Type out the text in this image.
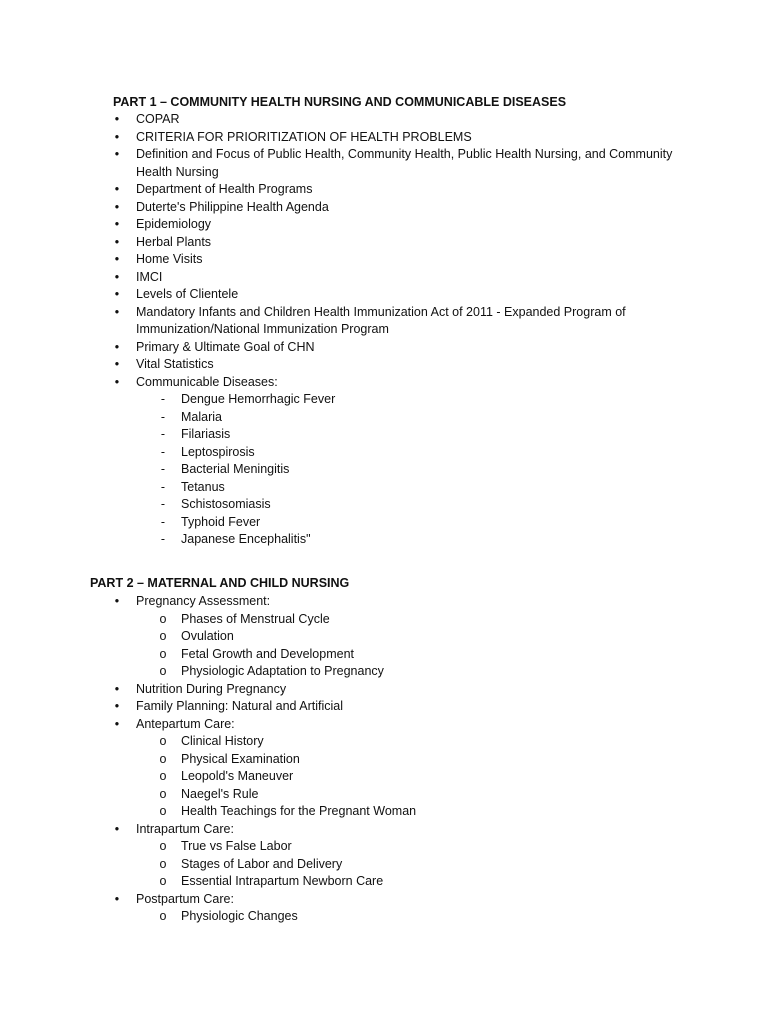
PART 1 – COMMUNITY HEALTH NURSING AND COMMUNICABLE DISEASES
• COPAR
• CRITERIA FOR PRIORITIZATION OF HEALTH PROBLEMS
• Definition and Focus of Public Health, Community Health, Public Health Nursing, and Community Health Nursing
• Department of Health Programs
• Duterte's Philippine Health Agenda
• Epidemiology
• Herbal Plants
• Home Visits
• IMCI
• Levels of Clientele
• Mandatory Infants and Children Health Immunization Act of 2011 - Expanded Program of Immunization/National Immunization Program
• Primary & Ultimate Goal of CHN
• Vital Statistics
• Communicable Diseases:
- Dengue Hemorrhagic Fever
- Malaria
- Filariasis
- Leptospirosis
- Bacterial Meningitis
- Tetanus
- Schistosomiasis
- Typhoid Fever
- Japanese Encephalitis"
PART 2 – MATERNAL AND CHILD NURSING
• Pregnancy Assessment:
o Phases of Menstrual Cycle
o Ovulation
o Fetal Growth and Development
o Physiologic Adaptation to Pregnancy
• Nutrition During Pregnancy
• Family Planning: Natural and Artificial
• Antepartum Care:
o Clinical History
o Physical Examination
o Leopold's Maneuver
o Naegel's Rule
o Health Teachings for the Pregnant Woman
• Intrapartum Care:
o True vs False Labor
o Stages of Labor and Delivery
o Essential Intrapartum Newborn Care
• Postpartum Care:
o Physiologic Changes
